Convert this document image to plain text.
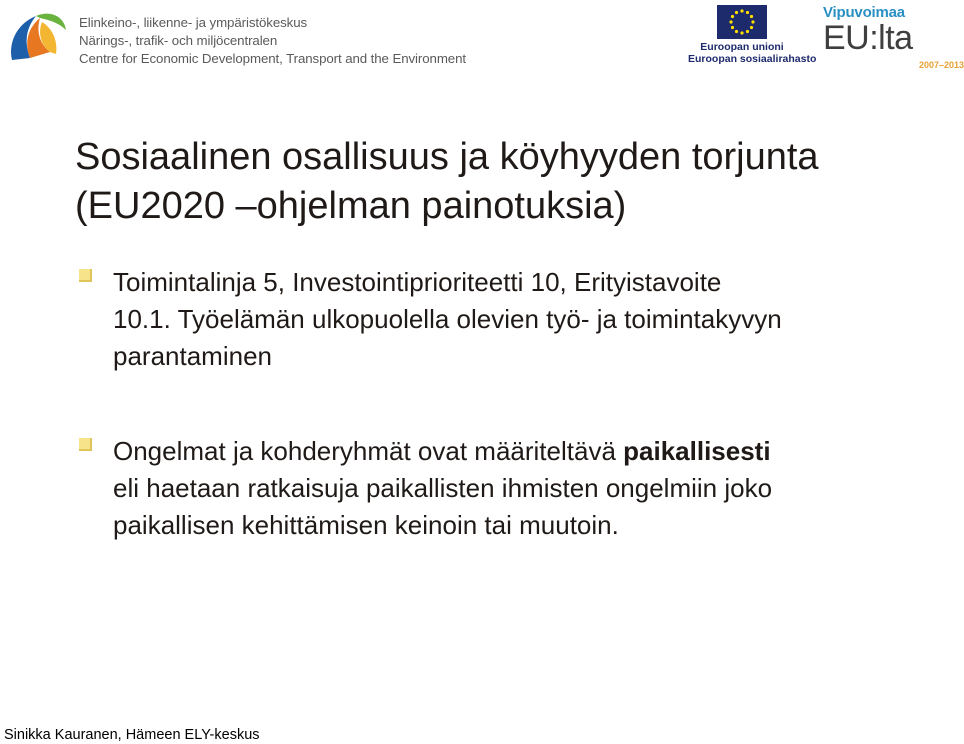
Elinkeino-, liikenne- ja ympäristökeskus
Närings-, trafik- och miljöcentralen
Centre for Economic Development, Transport and the Environment
Euroopan unioni
Euroopan sosiaalirahasto
Vipuvoimaa
EU:lta
2007–2013
Sosiaalinen osallisuus ja köyhyyden torjunta
(EU2020 –ohjelman painotuksia)
Toimintalinja 5, Investointiprioriteetti 10, Erityistavoite
10.1. Työelämän ulkopuolella olevien työ- ja toimintakyvyn
parantaminen
Ongelmat ja kohderyhmät ovat määriteltävä paikallisesti
eli haetaan ratkaisuja paikallisten ihmisten ongelmiin joko
paikallisen kehittämisen keinoin tai muutoin.
Sinikka Kauranen, Hämeen ELY-keskus
